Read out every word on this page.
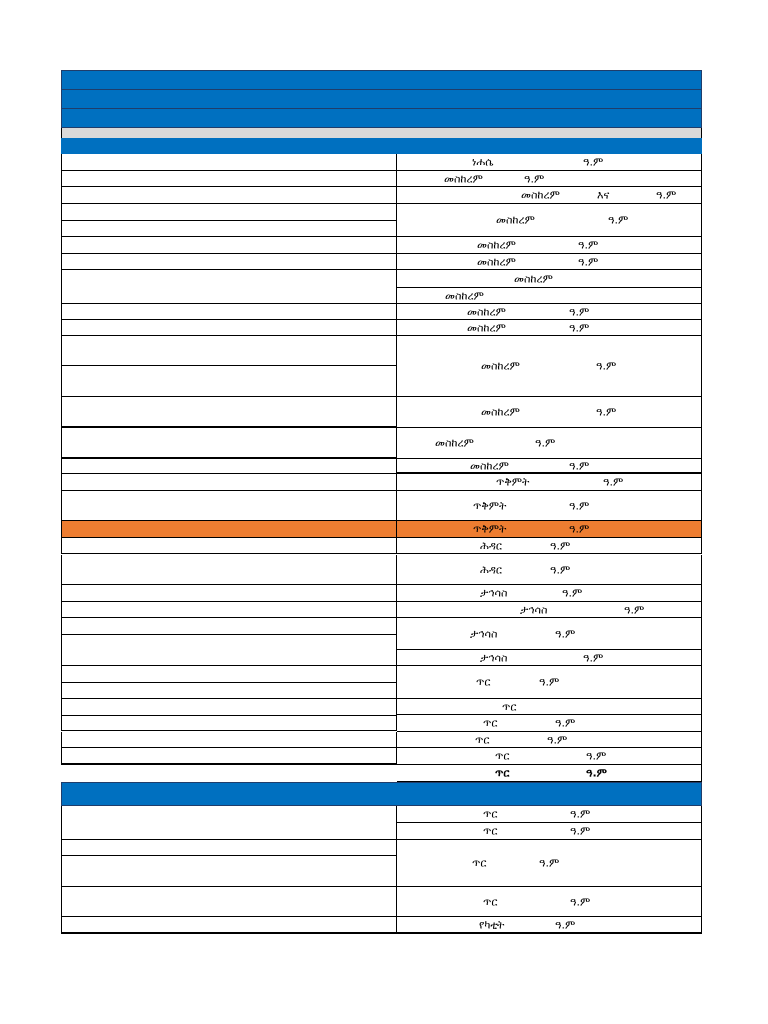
ነሐሴ	ዓ.ም
መስከረም	ዓ.ም
መስከረም	እና	ዓ.ም
መስከረም	ዓ.ም
መስከረም	ዓ.ም
መስከረም	ዓ.ም
መስከረም
መስከረም
መስከረም	ዓ.ም
መስከረም	ዓ.ም
መስከረም	ዓ.ም
መስከረም	ዓ.ም
መስከረም	ዓ.ም
መስከረም	ዓ.ም
ጥቅምት	ዓ.ም
ጥቅምት	ዓ.ም
ጥቅምት	ዓ.ም
ሕዳር	ዓ.ም
ሕዳር	ዓ.ም
ታኅሳስ	ዓ.ም
ታኅሳስ	ዓ.ም
ታኅሳስ	ዓ.ም
ታኅሳስ	ዓ.ም
ጥር	ዓ.ም
ጥር
ጥር	ዓ.ም
ጥር	ዓ.ም
ጥር	ዓ.ም
ጥር	ዓ.ም
ጥር	ዓ.ም
ጥር	ዓ.ም
ጥር	ዓ.ም
ጥር	ዓ.ም
የካቲት	ዓ.ም
